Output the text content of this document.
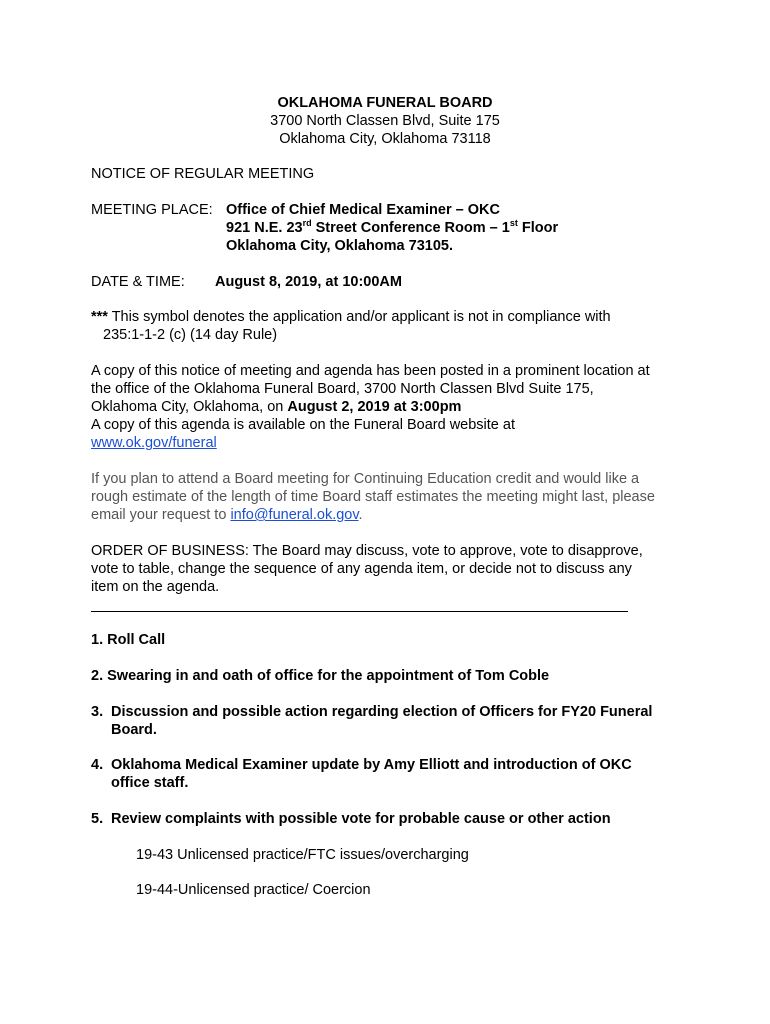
OKLAHOMA FUNERAL BOARD
3700 North Classen Blvd, Suite 175
Oklahoma City, Oklahoma 73118
NOTICE OF REGULAR MEETING
MEETING PLACE: Office of Chief Medical Examiner – OKC
921 N.E. 23rd Street Conference Room – 1st Floor
Oklahoma City, Oklahoma 73105.
DATE & TIME: August 8, 2019, at 10:00AM
*** This symbol denotes the application and/or applicant is not in compliance with
235:1-1-2 (c) (14 day Rule)
A copy of this notice of meeting and agenda has been posted in a prominent location at
the office of the Oklahoma Funeral Board, 3700 North Classen Blvd Suite 175,
Oklahoma City, Oklahoma, on August 2, 2019 at 3:00pm
A copy of this agenda is available on the Funeral Board website at
www.ok.gov/funeral
If you plan to attend a Board meeting for Continuing Education credit and would like a
rough estimate of the length of time Board staff estimates the meeting might last, please
email your request to info@funeral.ok.gov.
ORDER OF BUSINESS: The Board may discuss, vote to approve, vote to disapprove,
vote to table, change the sequence of any agenda item, or decide not to discuss any
item on the agenda.
1. Roll Call
2. Swearing in and oath of office for the appointment of Tom Coble
3. Discussion and possible action regarding election of Officers for FY20 Funeral
Board.
4. Oklahoma Medical Examiner update by Amy Elliott and introduction of OKC
office staff.
5. Review complaints with possible vote for probable cause or other action
19-43 Unlicensed practice/FTC issues/overcharging
19-44-Unlicensed practice/ Coercion
